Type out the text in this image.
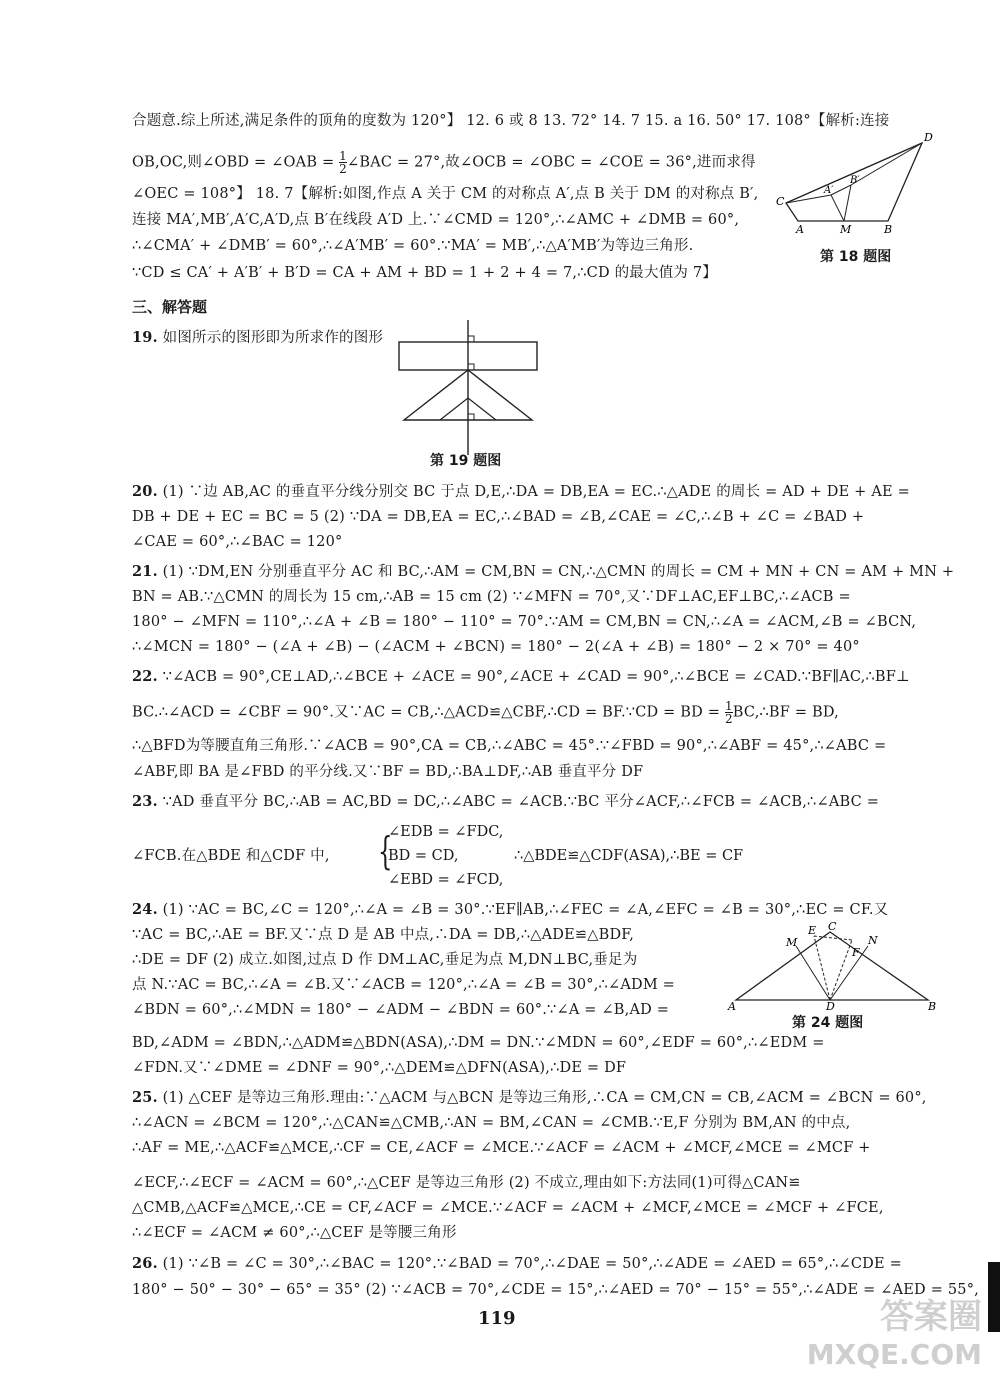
合题意.综上所述,满足条件的顶角的度数为 120°】 12. 6 或 8 13. 72° 14. 7 15. a 16. 50° 17. 108°【解析:连接
OB,OC,则∠OBD = ∠OAB = $\frac{1}{2}$ ∠BAC = 27°,故∠OCB = ∠OBC = ∠COE = 36°,进而求得
∠OEC = 108°】 18. 7【解析:如图,作点 A 关于 CM 的对称点 A′,点 B 关于 DM 的对称点 B′,
连接 MA′,MB′,A′C,A′D,点 B′在线段 A′D 上.∵∠CMD = 120°,∴∠AMC + ∠DMB = 60°,
∴∠CMA′ + ∠DMB′ = 60°,∴∠A′MB′ = 60°.∵MA′ = MB′,∴△A′MB′为等边三角形.
∵CD ≤ CA′ + A′B′ + B′D = CA + AM + BD = 1 + 2 + 4 = 7,∴CD 的最大值为 7】
D
C
A′
B′
A	M	B
第 18 题图
三、解答题
19. 如图所示的图形即为所求作的图形
第 19 题图
20. (1) ∵边 AB,AC 的垂直平分线分别交 BC 于点 D,E,∴DA = DB,EA = EC.∴△ADE 的周长 = AD + DE + AE =
DB + DE + EC = BC = 5 (2) ∵DA = DB,EA = EC,∴∠BAD = ∠B,∠CAE = ∠C,∴∠B + ∠C = ∠BAD +
∠CAE = 60°,∴∠BAC = 120°
21. (1) ∵DM,EN 分别垂直平分 AC 和 BC,∴AM = CM,BN = CN,∴△CMN 的周长 = CM + MN + CN = AM + MN +
BN = AB.∵△CMN 的周长为 15 cm,∴AB = 15 cm (2) ∵∠MFN = 70°,又∵DF⊥AC,EF⊥BC,∴∠ACB =
180° − ∠MFN = 110°,∴∠A + ∠B = 180° − 110° = 70°.∵AM = CM,BN = CN,∴∠A = ∠ACM,∠B = ∠BCN,
∴∠MCN = 180° − (∠A + ∠B) − (∠ACM + ∠BCN) = 180° − 2(∠A + ∠B) = 180° − 2 × 70° = 40°
22. ∵∠ACB = 90°,CE⊥AD,∴∠BCE + ∠ACE = 90°,∠ACE + ∠CAD = 90°,∴∠BCE = ∠CAD.∵BF∥AC,∴BF⊥
BC.∴∠ACD = ∠CBF = 90°.又∵AC = CB,∴△ACD≌△CBF,∴CD = BF.∵CD = BD = $\frac{1}{2}$ BC,∴BF = BD,
∴△BFD为等腰直角三角形.∵∠ACB = 90°,CA = CB,∴∠ABC = 45°.∵∠FBD = 90°,∴∠ABF = 45°,∴∠ABC =
∠ABF,即 BA 是∠FBD 的平分线.又∵BF = BD,∴BA⊥DF,∴AB 垂直平分 DF
23. ∵AD 垂直平分 BC,∴AB = AC,BD = DC,∴∠ABC = ∠ACB.∵BC 平分∠ACF,∴∠FCB = ∠ACB,∴∠ABC =
{
∠EDB = ∠FDC,
∠FCB.在△BDE 和△CDF 中,	BD = CD,	∴△BDE≌△CDF(ASA),∴BE = CF
∠EBD = ∠FCD,
24. (1) ∵AC = BC,∠C = 120°,∴∠A = ∠B = 30°.∵EF∥AB,∴∠FEC = ∠A,∠EFC = ∠B = 30°,∴EC = CF.又
∵AC = BC,∴AE = BF.又∵点 D 是 AB 中点,∴DA = DB,∴△ADE≌△BDF,
∴DE = DF (2) 成立.如图,过点 D 作 DM⊥AC,垂足为点 M,DN⊥BC,垂足为
点 N.∵AC = BC,∴∠A = ∠B.又∵∠ACB = 120°,∴∠A = ∠B = 30°,∴∠ADM =
∠BDN = 60°,∴∠MDN = 180° − ∠ADM − ∠BDN = 60°.∵∠A = ∠B,AD =
BD,∠ADM = ∠BDN,∴△ADM≌△BDN(ASA),∴DM = DN.∵∠MDN = 60°,∠EDF = 60°,∴∠EDM =
∠FDN.又∵∠DME = ∠DNF = 90°,∴△DEM≌△DFN(ASA),∴DE = DF
M
E C
N
F
A	D	B
第 24 题图
25. (1) △CEF 是等边三角形.理由:∵△ACM 与△BCN 是等边三角形,∴CA = CM,CN = CB,∠ACM = ∠BCN = 60°,
∴∠ACN = ∠BCM = 120°,∴△CAN≌△CMB,∴AN = BM,∠CAN = ∠CMB.∵E,F 分别为 BM,AN 的中点,
∴AF = ME,∴△ACF≌△MCE,∴CF = CE,∠ACF = ∠MCE.∵∠ACF = ∠ACM + ∠MCF,∠MCE = ∠MCF +
∠ECF,∴∠ECF = ∠ACM = 60°,∴△CEF 是等边三角形 (2) 不成立,理由如下:方法同(1)可得△CAN≌
△CMB,△ACF≌△MCE,∴CE = CF,∠ACF = ∠MCE.∵∠ACF = ∠ACM + ∠MCF,∠MCE = ∠MCF + ∠FCE,
∴∠ECF = ∠ACM ≠ 60°,∴△CEF 是等腰三角形
26. (1) ∵∠B = ∠C = 30°,∴∠BAC = 120°.∵∠BAD = 70°,∴∠DAE = 50°,∴∠ADE = ∠AED = 65°,∴∠CDE =
180° − 50° − 30° − 65° = 35° (2) ∵∠ACB = 70°,∠CDE = 15°,∴∠AED = 70° − 15° = 55°,∴∠ADE = ∠AED = 55°,
119	答案圈
MXQE.COM
